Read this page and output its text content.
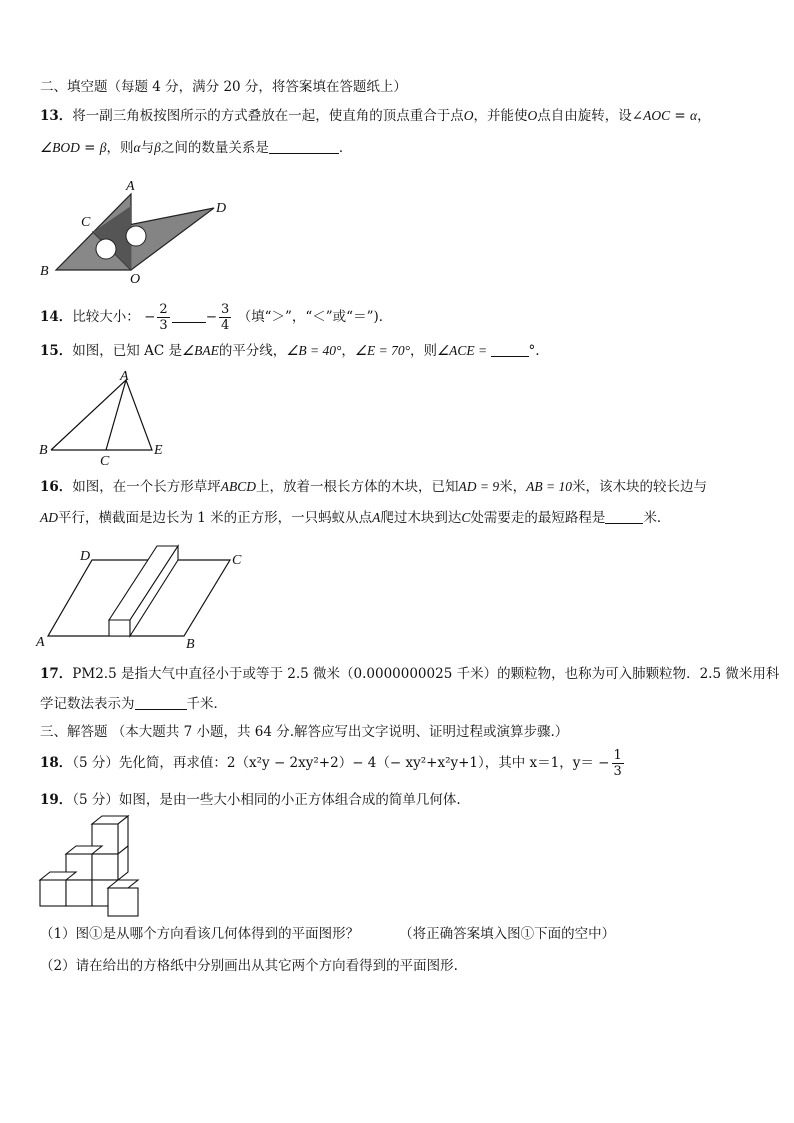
二、填空题（每题 4 分，满分 20 分，将答案填在答题纸上）
13．将一副三角板按图所示的方式叠放在一起，使直角的顶点重合于点O，并能使O点自由旋转，设∠AOC = α，
∠BOD = β，则α与β之间的数量关系是	．
A
B
C
D
O
14．比较大小： − $\frac{2}{3}$	− $\frac{3}{4}$ （填“＞”，“＜”或“＝”)．
15．如图，已知 AC 是∠BAE的平分线，∠B = 40°，∠E = 70°，则∠ACE =	°.
A
B
C
E
16．如图，在一个长方形草坪ABCD上，放着一根长方体的木块，已知AD = 9米，AB = 10米，该木块的较长边与
AD平行，横截面是边长为 1 米的正方形，一只蚂蚁从点A爬过木块到达C处需要走的最短路程是	米．
A	B
C
D
17．PM2.5 是指大气中直径小于或等于 2.5 微米（0.0000000025 千米）的颗粒物，也称为可入肺颗粒物．2.5 微米用科
学记数法表示为	千米．
三、解答题 （本大题共 7 小题，共 64 分.解答应写出文字说明、证明过程或演算步骤.）
18．（5 分）先化简，再求值：2（x²y − 2xy²+2）− 4（− xy²+x²y+1），其中 x＝1，$y= - \frac{1}{3}$
19．（5 分）如图，是由一些大小相同的小正方体组合成的简单几何体.
（1）图①是从哪个方向看该几何体得到的平面图形？	（将正确答案填入图①下面的空中）
（2）请在给出的方格纸中分别画出从其它两个方向看得到的平面图形.
